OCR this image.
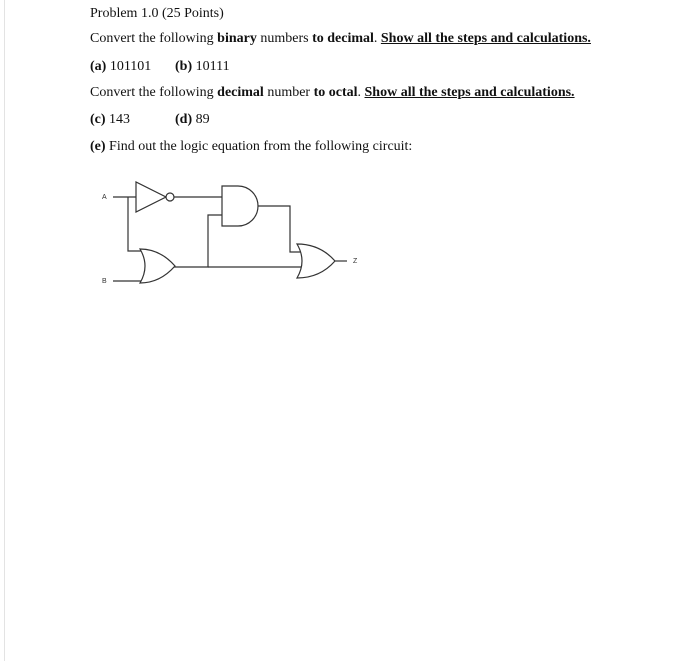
Problem 1.0 (25 Points)
Convert the following binary numbers to decimal. Show all the steps and calculations.
(a) 101101 (b) 10111
Convert the following decimal number to octal. Show all the steps and calculations.
(c) 143	(d) 89
(e) Find out the logic equation from the following circuit:
A
B
Z
